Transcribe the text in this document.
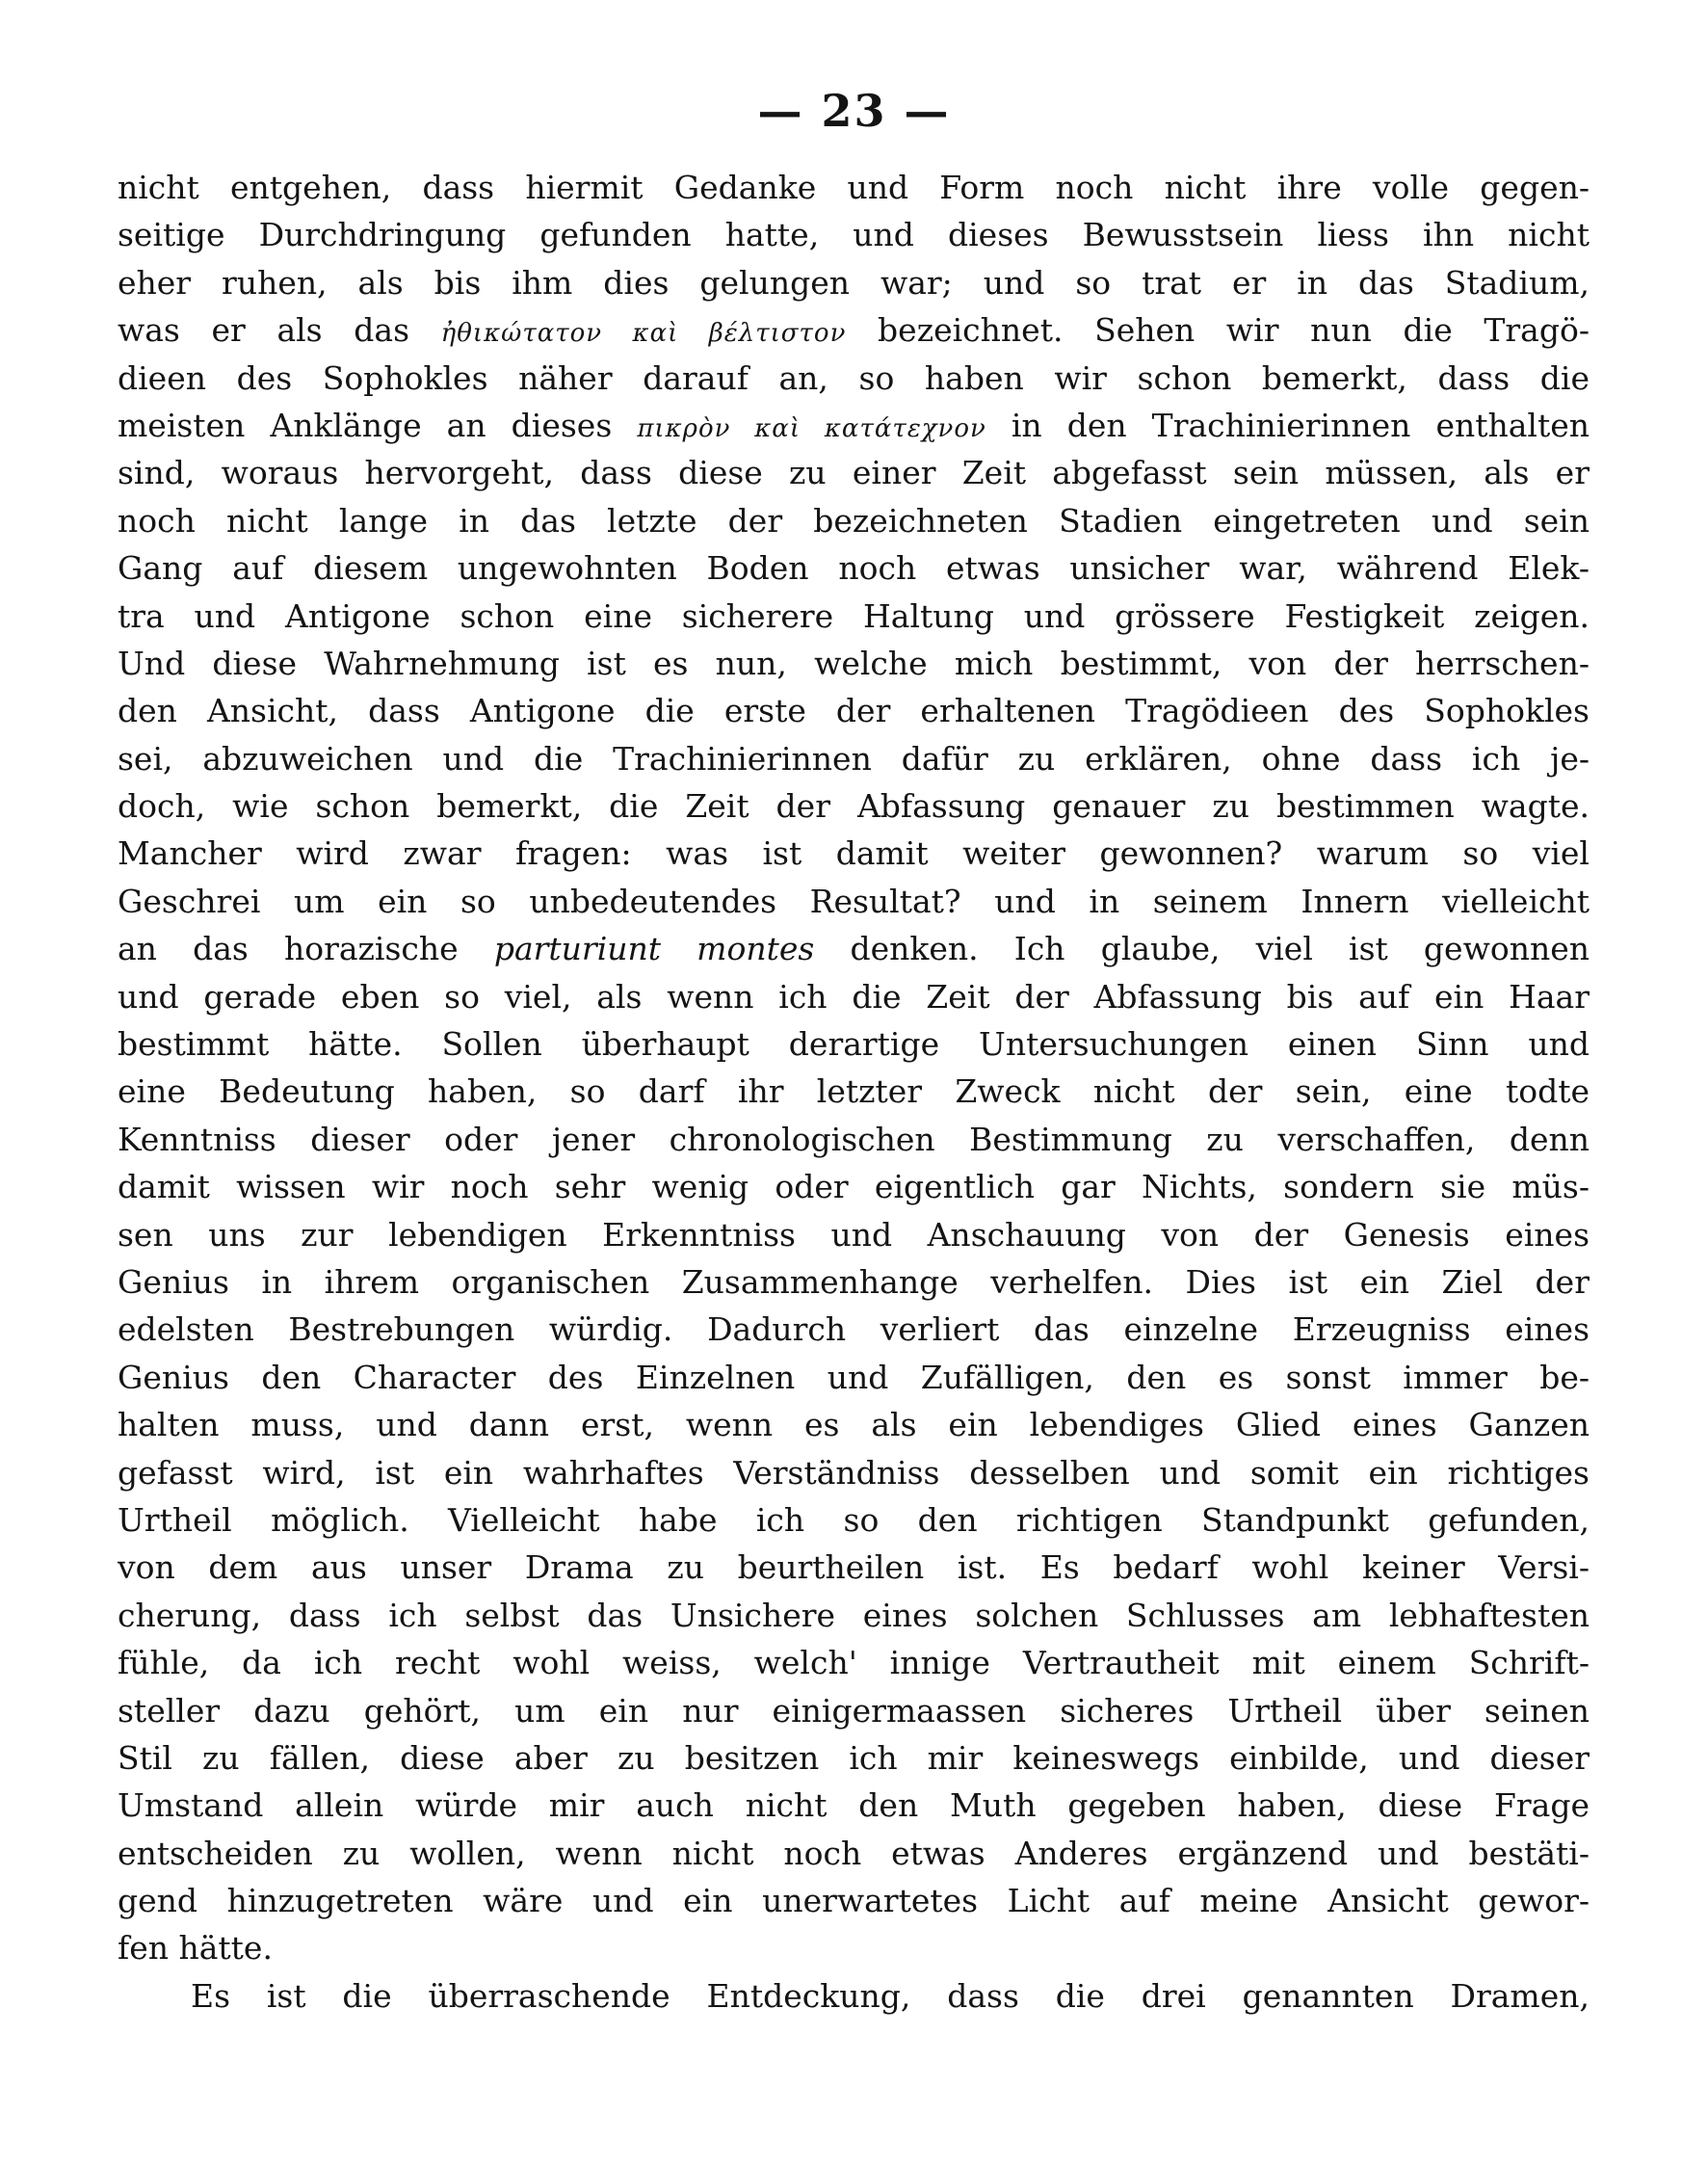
— 23 —
nicht entgehen, dass hiermit Gedanke und Form noch nicht ihre volle gegen-
seitige Durchdringung gefunden hatte, und dieses Bewusstsein liess ihn nicht
eher ruhen, als bis ihm dies gelungen war; und so trat er in das Stadium,
was er als das ἠθικώτατον καὶ βέλτιστον bezeichnet. Sehen wir nun die Tragö-
dieen des Sophokles näher darauf an, so haben wir schon bemerkt, dass die
meisten Anklänge an dieses πικρὸν καὶ κατάτεχνον in den Trachinierinnen enthalten
sind, woraus hervorgeht, dass diese zu einer Zeit abgefasst sein müssen, als er
noch nicht lange in das letzte der bezeichneten Stadien eingetreten und sein
Gang auf diesem ungewohnten Boden noch etwas unsicher war, während Elek-
tra und Antigone schon eine sicherere Haltung und grössere Festigkeit zeigen.
Und diese Wahrnehmung ist es nun, welche mich bestimmt, von der herrschen-
den Ansicht, dass Antigone die erste der erhaltenen Tragödieen des Sophokles
sei, abzuweichen und die Trachinierinnen dafür zu erklären, ohne dass ich je-
doch, wie schon bemerkt, die Zeit der Abfassung genauer zu bestimmen wagte.
Mancher wird zwar fragen: was ist damit weiter gewonnen? warum so viel
Geschrei um ein so unbedeutendes Resultat? und in seinem Innern vielleicht
an das horazische parturiunt montes denken. Ich glaube, viel ist gewonnen
und gerade eben so viel, als wenn ich die Zeit der Abfassung bis auf ein Haar
bestimmt hätte. Sollen überhaupt derartige Untersuchungen einen Sinn und
eine Bedeutung haben, so darf ihr letzter Zweck nicht der sein, eine todte
Kenntniss dieser oder jener chronologischen Bestimmung zu verschaffen, denn
damit wissen wir noch sehr wenig oder eigentlich gar Nichts, sondern sie müs-
sen uns zur lebendigen Erkenntniss und Anschauung von der Genesis eines
Genius in ihrem organischen Zusammenhange verhelfen. Dies ist ein Ziel der
edelsten Bestrebungen würdig. Dadurch verliert das einzelne Erzeugniss eines
Genius den Character des Einzelnen und Zufälligen, den es sonst immer be-
halten muss, und dann erst, wenn es als ein lebendiges Glied eines Ganzen
gefasst wird, ist ein wahrhaftes Verständniss desselben und somit ein richtiges
Urtheil möglich. Vielleicht habe ich so den richtigen Standpunkt gefunden,
von dem aus unser Drama zu beurtheilen ist. Es bedarf wohl keiner Versi-
cherung, dass ich selbst das Unsichere eines solchen Schlusses am lebhaftesten
fühle, da ich recht wohl weiss, welch' innige Vertrautheit mit einem Schrift-
steller dazu gehört, um ein nur einigermaassen sicheres Urtheil über seinen
Stil zu fällen, diese aber zu besitzen ich mir keineswegs einbilde, und dieser
Umstand allein würde mir auch nicht den Muth gegeben haben, diese Frage
entscheiden zu wollen, wenn nicht noch etwas Anderes ergänzend und bestäti-
gend hinzugetreten wäre und ein unerwartetes Licht auf meine Ansicht gewor-
fen hätte.
Es ist die überraschende Entdeckung, dass die drei genannten Dramen,
